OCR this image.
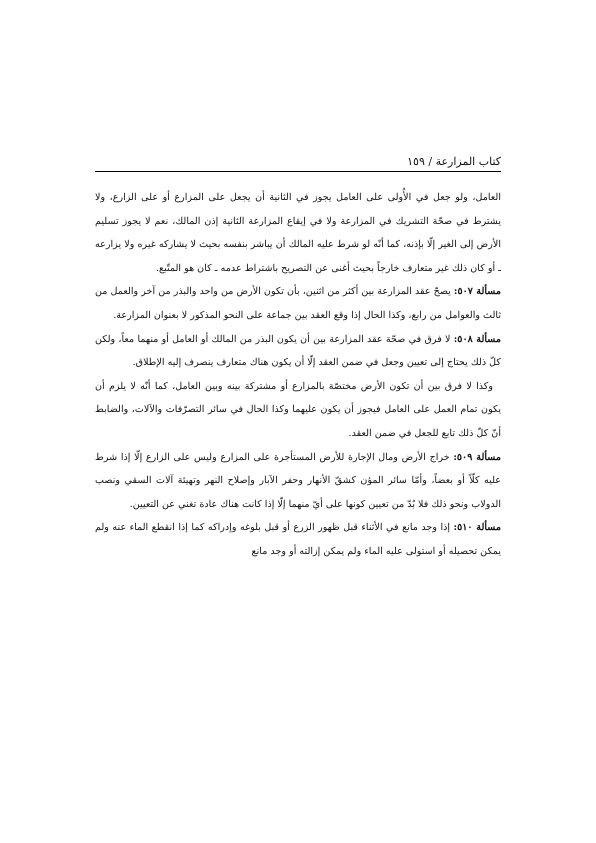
كتاب المزارعة / ١٥٩

العامل، ولو جعل في الأُولى على العامل يجوز في الثانية أن يجعل على المزارع أو على الزارع، ولا يشترط في صحّة التشريك في المزارعة ولا في إيقاع المزارعة الثانية إذن المالك، نعم لا يجوز تسليم الأرض إلى الغير إلّا بإذنه، كما أنّه لو شرط عليه المالك أن يباشر بنفسه بحيث لا يشاركه غيره ولا يزارعه ـ أو كان ذلك غير متعارف خارجاً بحيث أغنى عن التصريح باشتراط عدمه ـ كان هو المتّبع.

مسألة ٥٠٧: يصحّ عقد المزارعة بين أكثر من اثنين، بأن تكون الأرض من واحد والبذر من آخر والعمل من ثالث والعوامل من رابع، وكذا الحال إذا وقع العقد بين جماعة على النحو المذكور لا بعنوان المزارعة.

مسألة ٥٠٨: لا فرق في صحّة عقد المزارعة بين أن يكون البذر من المالك أو العامل أو منهما معاً، ولكن كلّ ذلك يحتاج إلى تعيين وجعل في ضمن العقد إلّا أن يكون هناك متعارف ينصرف إليه الإطلاق.

وكذا لا فرق بين أن تكون الأرض مختصّة بالمزارع أو مشتركة بينه وبين العامل، كما أنّه لا يلزم أن يكون تمام العمل على العامل فيجوز أن يكون عليهما وكذا الحال في سائر التصرّفات والآلات، والضابط أنّ كلّ ذلك تابع للجعل في ضمن العقد.

مسألة ٥٠٩: خراج الأرض ومال الإجارة للأرض المستأجرة على المزارع وليس على الزارع إلّا إذا شرط عليه كلّاً أو بعضاً، وأمّا سائر المؤن كشقّ الأنهار وحفر الآبار وإصلاح النهر وتهيئة آلات السقي ونصب الدولاب ونحو ذلك فلا بُدّ من تعيين كونها على أيّ منهما إلّا إذا كانت هناك عادة تغني عن التعيين.

مسألة ٥١٠: إذا وجد مانع في الأثناء قبل ظهور الزرع أو قبل بلوغه وإدراكه كما إذا انقطع الماء عنه ولم يمكن تحصيله أو استولى عليه الماء ولم يمكن إزالته أو وجد مانع
